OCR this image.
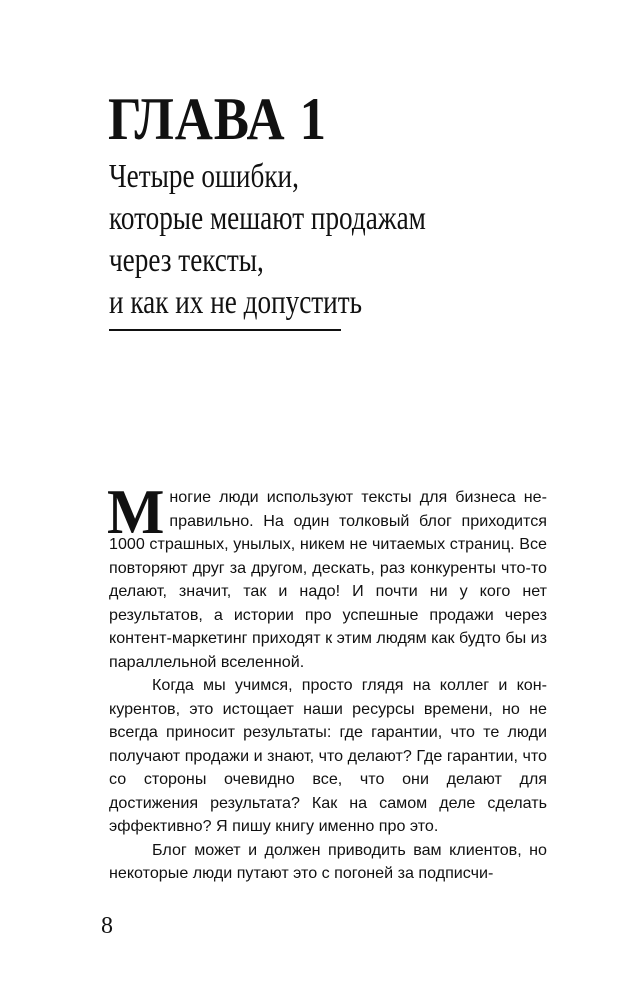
ГЛАВА 1
Четыре ошибки,
которые мешают продажам
через тексты,
и как их не допустить

Многие люди используют тексты для бизнеса неправильно. На один толковый блог приходится 1000 страшных, унылых, никем не читаемых страниц. Все повторяют друг за другом, дескать, раз конкуренты что-то делают, значит, так и надо! И почти ни у кого нет результатов, а истории про успешные продажи через контент-маркетинг приходят к этим людям как будто бы из параллельной вселенной.

Когда мы учимся, просто глядя на коллег и конкурентов, это истощает наши ресурсы времени, но не всегда приносит результаты: где гарантии, что те люди получают продажи и знают, что делают? Где гарантии, что со стороны очевидно все, что они делают для достижения результата? Как на самом деле сделать эффективно? Я пишу книгу именно про это.

Блог может и должен приводить вам клиентов, но некоторые люди путают это с погоней за подписчи-

8
